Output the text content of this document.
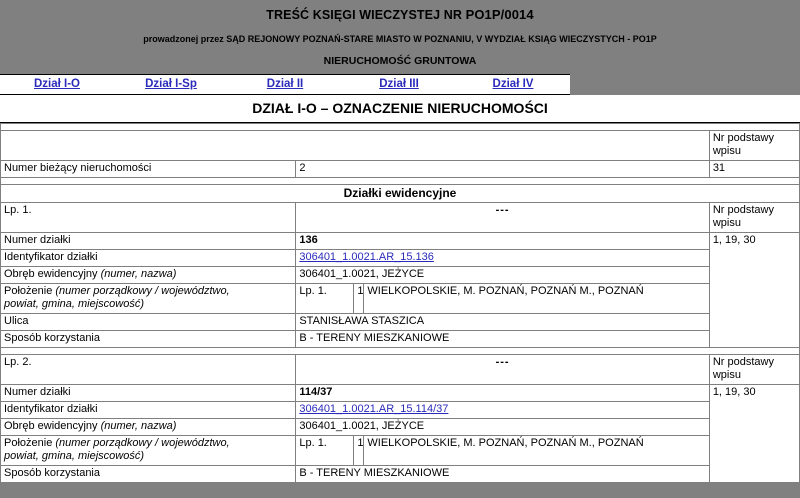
TREŚĆ KSIĘGI WIECZYSTEJ NR PO1P/0014
prowadzonej przez SĄD REJONOWY POZNAŃ-STARE MIASTO W POZNANIU, V WYDZIAŁ KSIĄG WIECZYSTYCH - PO1P
NIERUCHOMOŚĆ GRUNTOWA
Dział I-O	Dział I-Sp	Dział II	Dział III	Dział IV
DZIAŁ I-O – OZNACZENIE NIERUCHOMOŚCI

				Nr podstawy
wpisu

Numer bieżący nieruchomości	2			31

Działki ewidencyjne				
Lp. 1.	---			Nr podstawy
wpisu

Numer działki	136			1, 19, 30
Identyfikator działki	306401_1.0021.AR_15.136			
Obręb ewidencyjny (numer, nazwa)	306401_1.0021, JEŻYCE			
Położenie (numer porządkowy / województwo,
powiat, gmina, miejscowość)	Lp. 1.	1	WIELKOPOLSKIE, M. POZNAŃ, POZNAŃ M., POZNAŃ	
Ulica	STANISŁAWA STASZICA			
Sposób korzystania	B - TERENY MIESZKANIOWE			

Lp. 2.	---			Nr podstawy
wpisu

Numer działki	114/37			1, 19, 30
Identyfikator działki	306401_1.0021.AR_15.114/37			
Obręb ewidencyjny (numer, nazwa)	306401_1.0021, JEŻYCE			
Położenie (numer porządkowy / województwo,
powiat, gmina, miejscowość)	Lp. 1.	1	WIELKOPOLSKIE, M. POZNAŃ, POZNAŃ M., POZNAŃ	
Sposób korzystania	B - TERENY MIESZKANIOWE			
